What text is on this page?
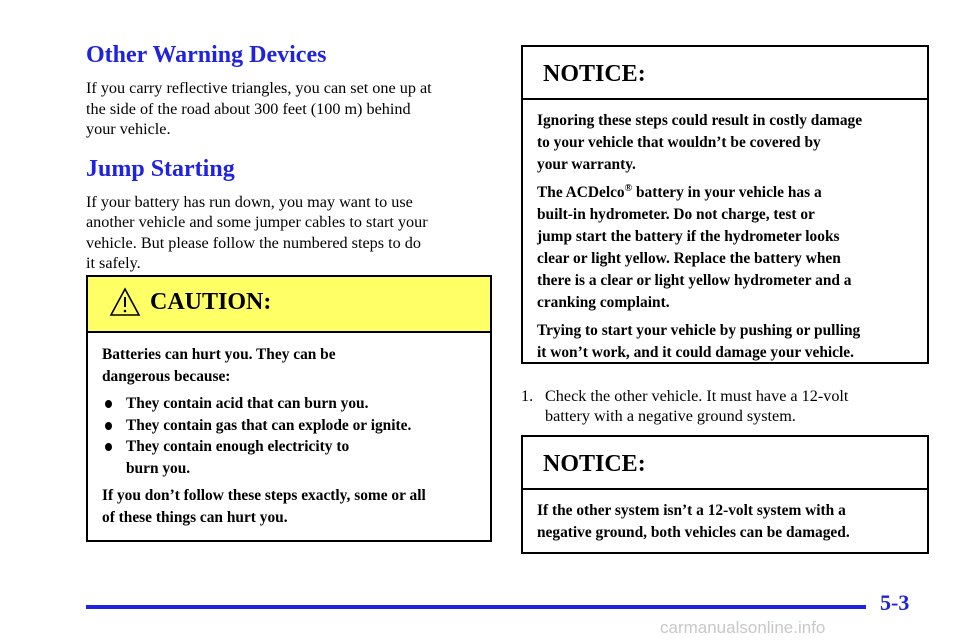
Other Warning Devices

If you carry reflective triangles, you can set one up at
the side of the road about 300 feet (100 m) behind
your vehicle.

Jump Starting

If your battery has run down, you may want to use
another vehicle and some jumper cables to start your
vehicle. But please follow the numbered steps to do
it safely.

CAUTION:

Batteries can hurt you. They can be
dangerous because:

They contain acid that can burn you.
They contain gas that can explode or ignite.
They contain enough electricity to
burn you.

If you don’t follow these steps exactly, some or all
of these things can hurt you.

NOTICE:

Ignoring these steps could result in costly damage
to your vehicle that wouldn’t be covered by
your warranty.

The ACDelco® battery in your vehicle has a
built-in hydrometer. Do not charge, test or
jump start the battery if the hydrometer looks
clear or light yellow. Replace the battery when
there is a clear or light yellow hydrometer and a
cranking complaint.

Trying to start your vehicle by pushing or pulling
it won’t work, and it could damage your vehicle.

1. Check the other vehicle. It must have a 12-volt
battery with a negative ground system.

NOTICE:

If the other system isn’t a 12-volt system with a
negative ground, both vehicles can be damaged.

5-3
carmanualsonline.info
